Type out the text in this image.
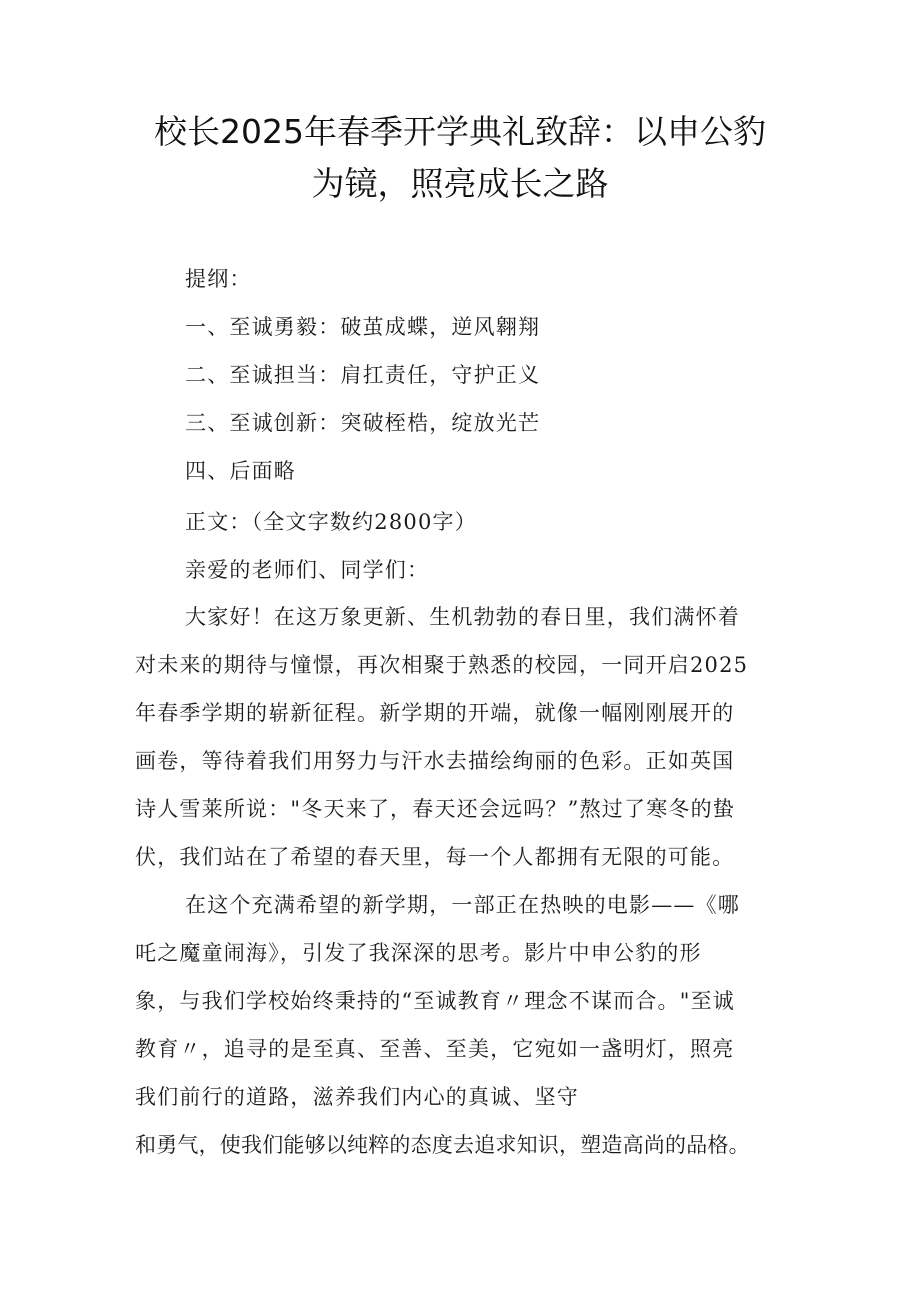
校长2025年春季开学典礼致辞：以申公豹
为镜，照亮成长之路
提纲：
一、至诚勇毅：破茧成蝶，逆风翱翔
二、至诚担当：肩扛责任，守护正义
三、至诚创新：突破桎梏，绽放光芒
四、后面略
正文：（全文字数约2800字）
亲爱的老师们、同学们：
大家好！在这万象更新、生机勃勃的春日里，我们满怀着
对未来的期待与憧憬，再次相聚于熟悉的校园，一同开启2025
年春季学期的崭新征程。新学期的开端，就像一幅刚刚展开的
画卷，等待着我们用努力与汗水去描绘绚丽的色彩。正如英国
诗人雪莱所说："冬天来了，春天还会远吗？”熬过了寒冬的蛰
伏，我们站在了希望的春天里，每一个人都拥有无限的可能。
在这个充满希望的新学期，一部正在热映的电影——《哪
吒之魔童闹海》，引发了我深深的思考。影片中申公豹的形
象，与我们学校始终秉持的“至诚教育〃理念不谋而合。"至诚
教育〃，追寻的是至真、至善、至美，它宛如一盏明灯，照亮
我们前行的道路，滋养我们内心的真诚、坚守
和勇气，使我们能够以纯粹的态度去追求知识，塑造高尚的品格。
